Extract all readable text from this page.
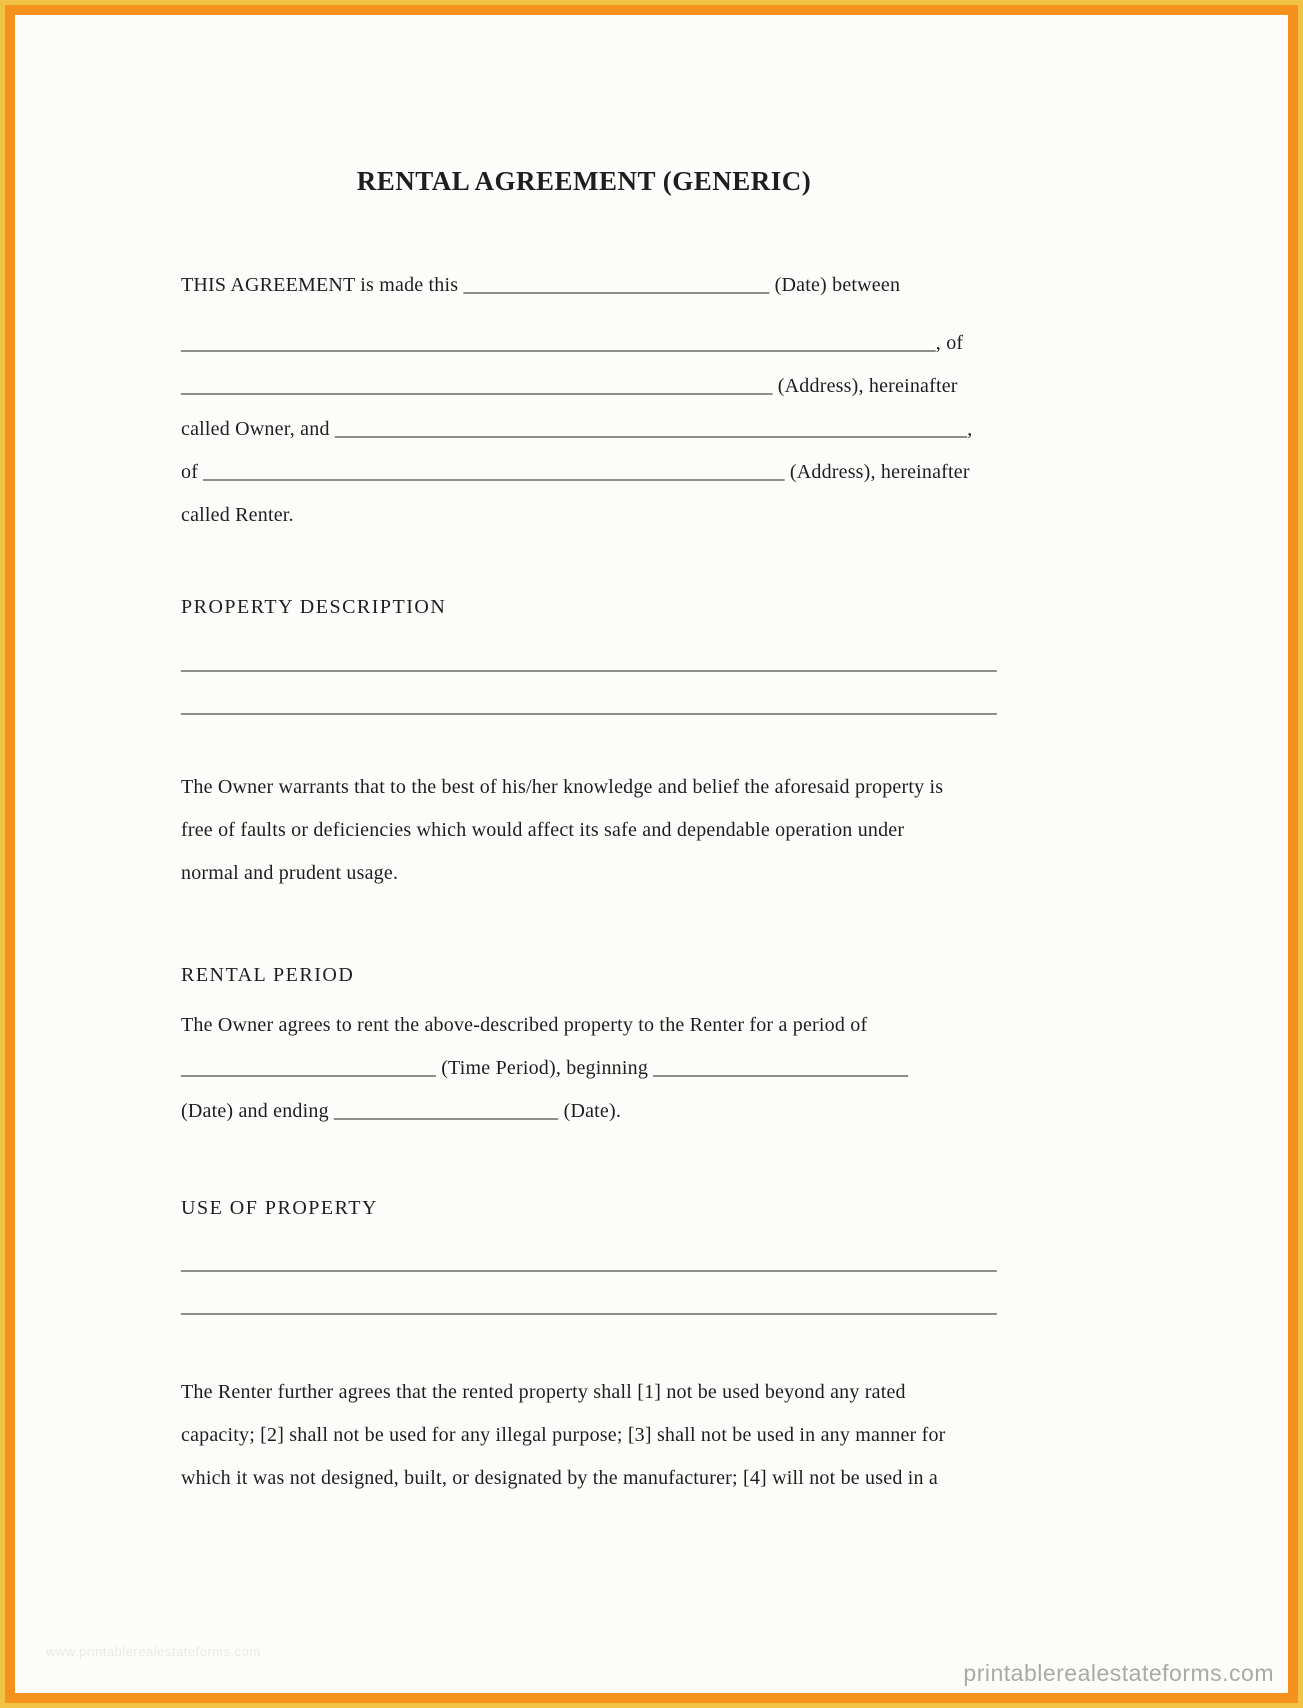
RENTAL AGREEMENT (GENERIC)
THIS AGREEMENT is made this ______________________________ (Date) between
__________________________________________________________________________, of
__________________________________________________________ (Address), hereinafter
called Owner, and ______________________________________________________________,
of _________________________________________________________ (Address), hereinafter
called Renter.
PROPERTY DESCRIPTION
________________________________________________________________________________
________________________________________________________________________________
The Owner warrants that to the best of his/her knowledge and belief the aforesaid property is
free of faults or deficiencies which would affect its safe and dependable operation under
normal and prudent usage.
RENTAL PERIOD
The Owner agrees to rent the above-described property to the Renter for a period of
_________________________ (Time Period), beginning _________________________
(Date) and ending ______________________ (Date).
USE OF PROPERTY
________________________________________________________________________________
________________________________________________________________________________
The Renter further agrees that the rented property shall [1] not be used beyond any rated
capacity; [2] shall not be used for any illegal purpose; [3] shall not be used in any manner for
which it was not designed, built, or designated by the manufacturer; [4] will not be used in a
www.printablerealestateforms.com
printablerealestateforms.com
